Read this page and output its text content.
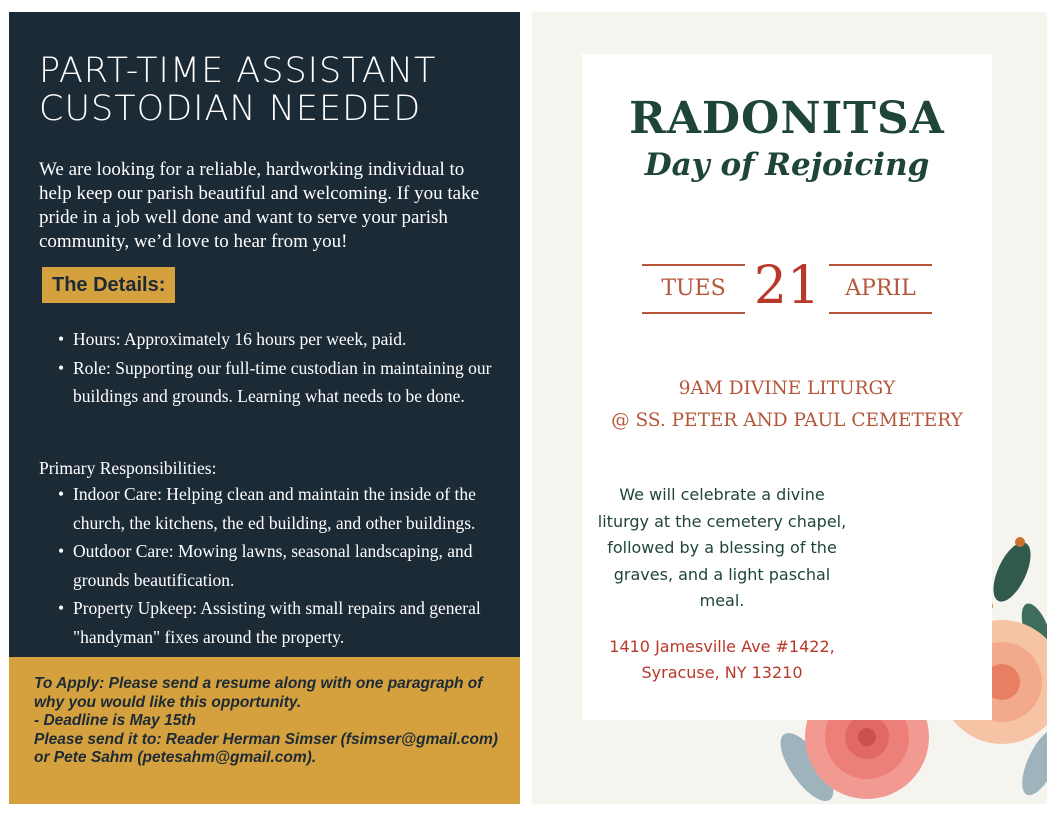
PART-TIME ASSISTANT CUSTODIAN NEEDED

We are looking for a reliable, hardworking individual to help keep our parish beautiful and welcoming. If you take pride in a job well done and want to serve your parish community, we’d love to hear from you!

The Details:
• Hours: Approximately 16 hours per week, paid.
• Role: Supporting our full-time custodian in maintaining our buildings and grounds. Learning what needs to be done.

Primary Responsibilities:

• Indoor Care: Helping clean and maintain the inside of the church, the kitchens, the ed building, and other buildings.
• Outdoor Care: Mowing lawns, seasonal landscaping, and grounds beautification.
• Property Upkeep: Assisting with small repairs and general "handyman" fixes around the property.

To Apply: Please send a resume along with one paragraph of why you would like this opportunity.
- Deadline is May 15th
Please send it to: Reader Herman Simser (fsimser@gmail.com) or Pete Sahm (petesahm@gmail.com).

RADONITSA

Day of Rejoicing

TUES 21	APRIL

9AM DIVINE LITURGY

@ SS. PETER AND PAUL CEMETERY

We will celebrate a divine liturgy at the cemetery chapel, followed by a blessing of the graves, and a light paschal meal.

1410 Jamesville Ave #1422,
Syracuse, NY 13210
